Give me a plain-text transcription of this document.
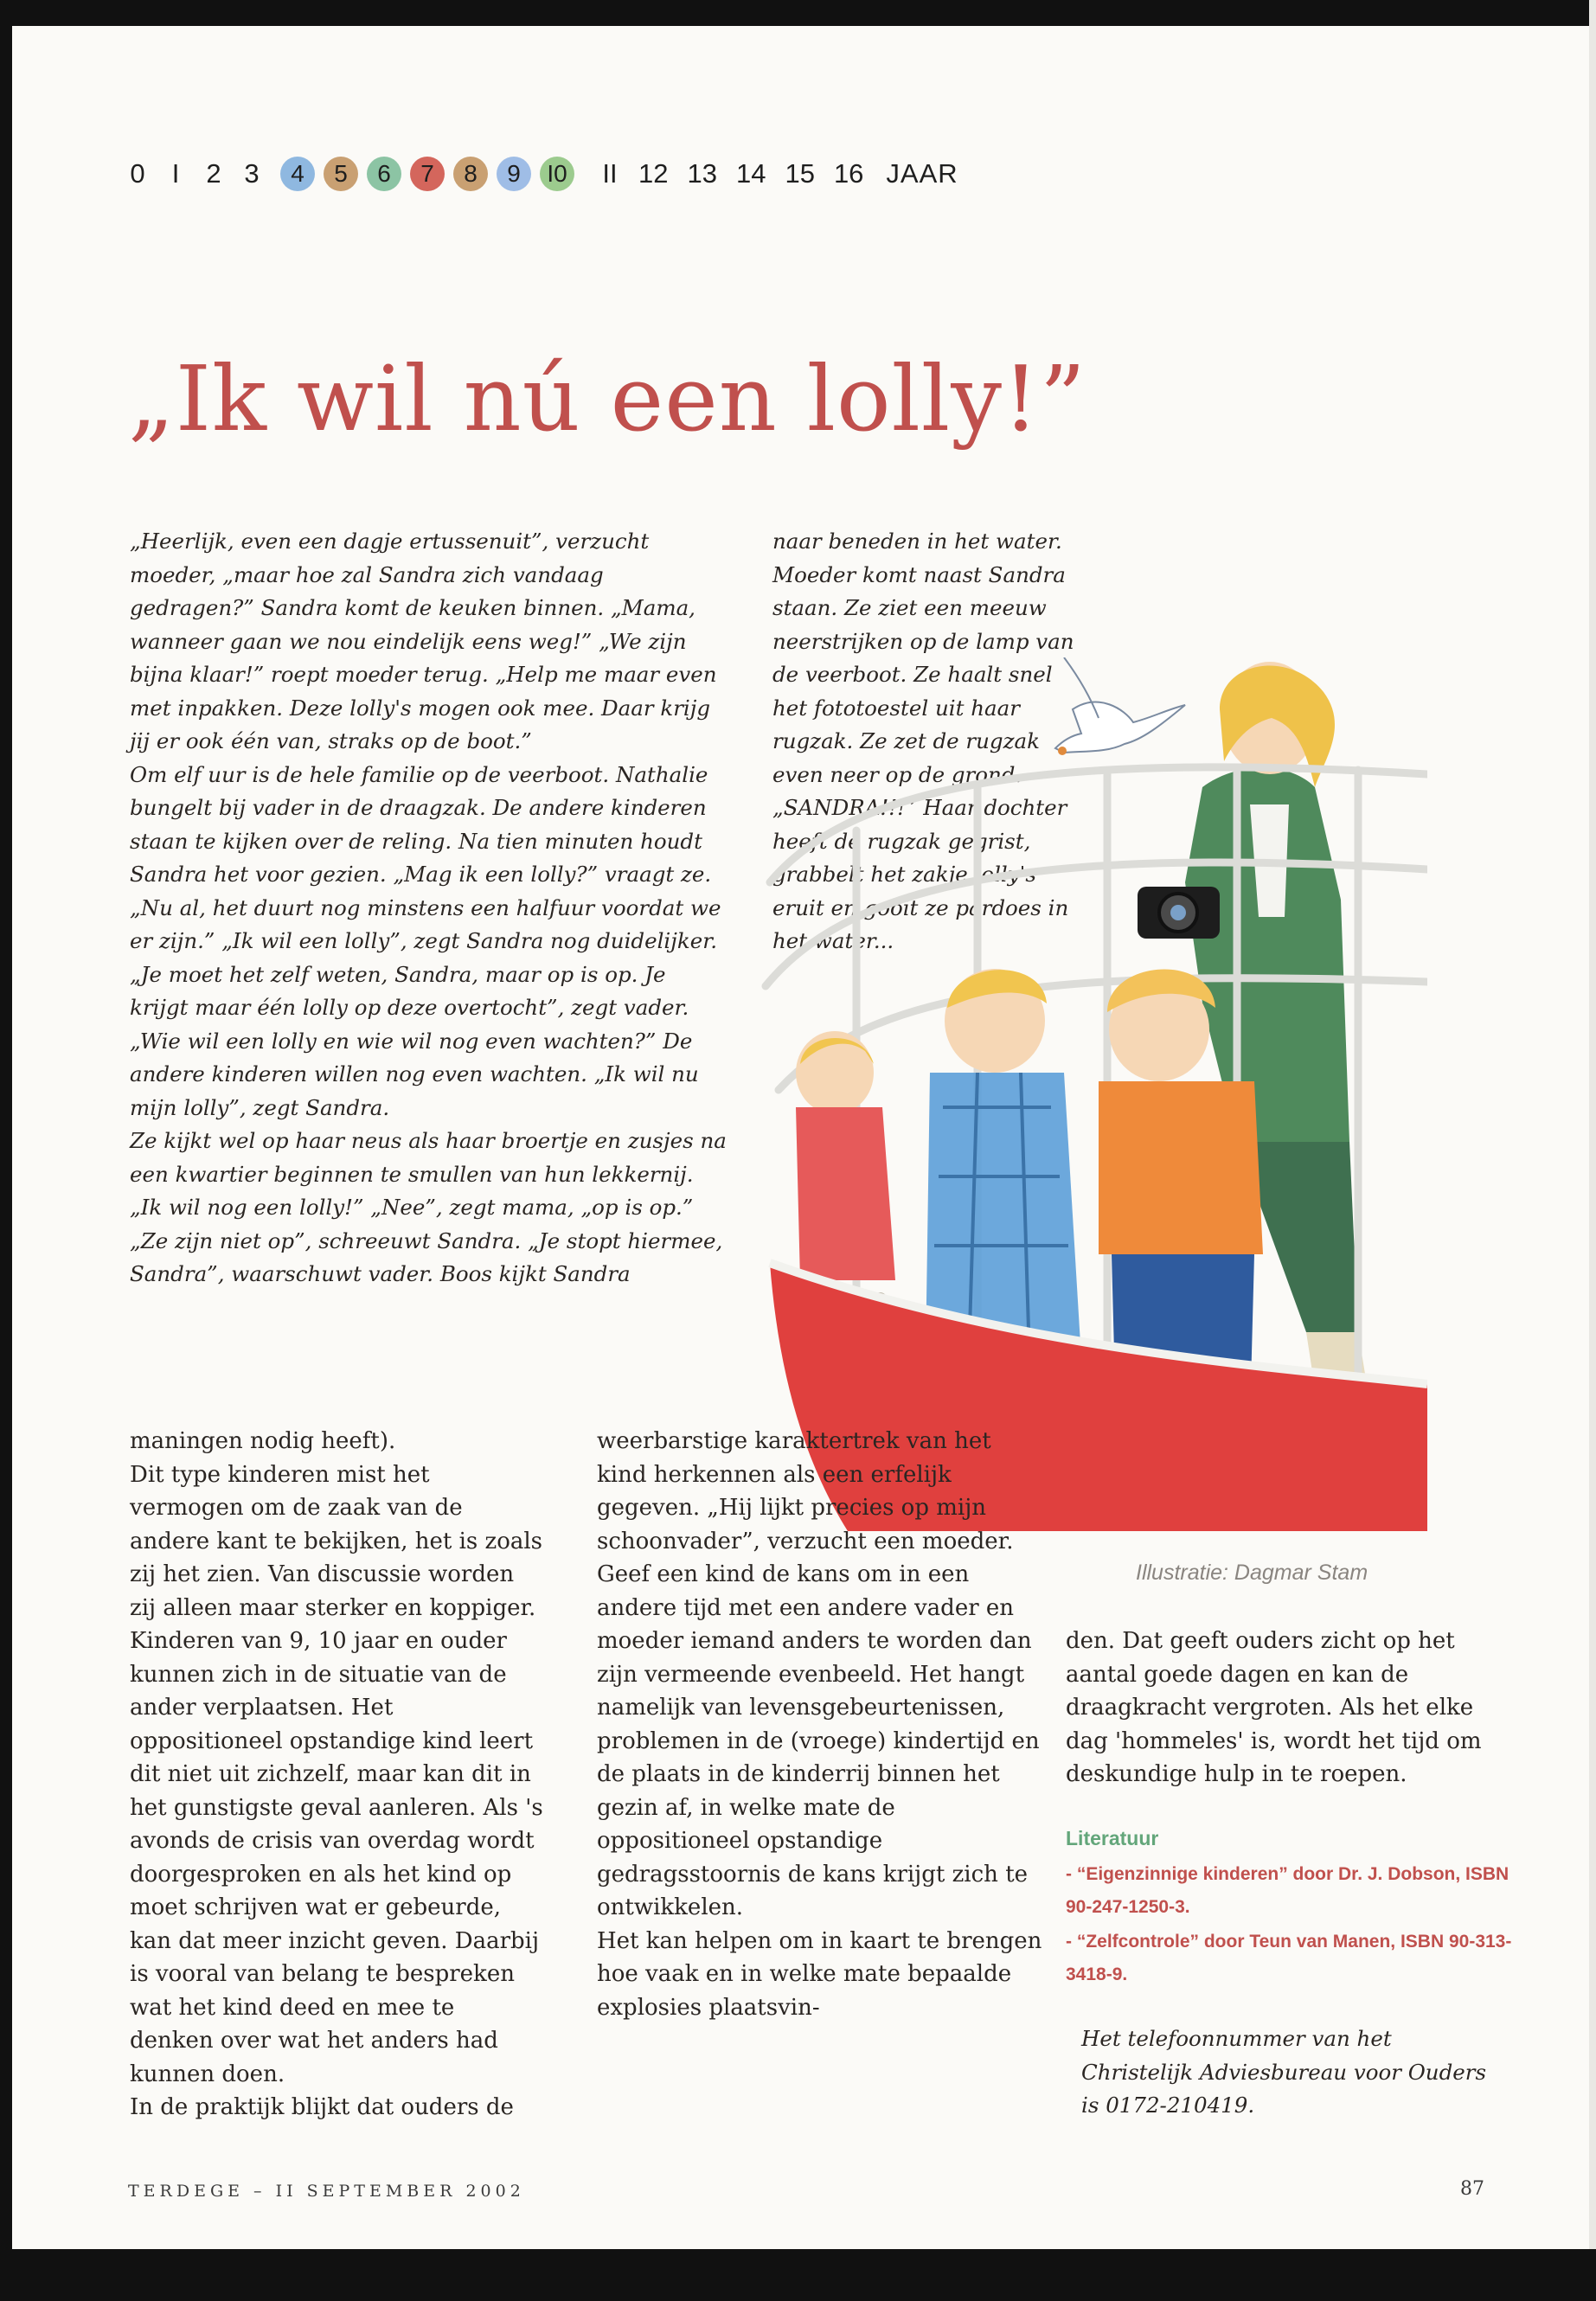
0 I 2 3	4	5	6	7	8	9	I0 II 12 13 14 15 16 JAAR
„Ik wil nú een lolly!”

„Heerlijk, even een dagje ertussenuit”, verzucht moeder, „maar hoe zal Sandra zich vandaag gedragen?” Sandra komt de keuken binnen. „Mama, wanneer gaan we nou eindelijk eens weg!” „We zijn bijna klaar!” roept moeder terug. „Help me maar even met inpakken. Deze lolly's mogen ook mee. Daar krijg jij er ook één van, straks op de boot.”

Om elf uur is de hele familie op de veerboot. Nathalie bungelt bij vader in de draagzak. De andere kinderen staan te kijken over de reling. Na tien minuten houdt Sandra het voor gezien. „Mag ik een lolly?” vraagt ze. „Nu al, het duurt nog minstens een halfuur voordat we er zijn.” „Ik wil een lolly”, zegt Sandra nog duidelijker. „Je moet het zelf weten, Sandra, maar op is op. Je krijgt maar één lolly op deze overtocht”, zegt vader. „Wie wil een lolly en wie wil nog even wachten?” De andere kinderen willen nog even wachten. „Ik wil nu mijn lolly”, zegt Sandra.

Ze kijkt wel op haar neus als haar broertje en zusjes na een kwartier beginnen te smullen van hun lekkernij. „Ik wil nog een lolly!” „Nee”, zegt mama, „op is op.” „Ze zijn niet op”, schreeuwt Sandra. „Je stopt hiermee, Sandra”, waarschuwt vader. Boos kijkt Sandra

naar beneden in het water. Moeder komt naast Sandra staan. Ze ziet een meeuw neerstrijken op de lamp van de veerboot. Ze haalt snel het fototoestel uit haar rugzak. Ze zet de rugzak even neer op de grond. „SANDRA!!!” Haar dochter heeft de rugzak gegrist, grabbelt het zakje lolly's eruit en gooit ze pardoes in het water...

Illustratie: Dagmar Stam

maningen nodig heeft).

Dit type kinderen mist het vermogen om de zaak van de andere kant te bekijken, het is zoals zij het zien. Van discussie worden zij alleen maar sterker en koppiger. Kinderen van 9, 10 jaar en ouder kunnen zich in de situatie van de ander verplaatsen. Het oppositioneel opstandige kind leert dit niet uit zichzelf, maar kan dit in het gunstigste geval aanleren. Als 's avonds de crisis van overdag wordt doorgesproken en als het kind op moet schrijven wat er gebeurde, kan dat meer inzicht geven. Daarbij is vooral van belang te bespreken wat het kind deed en mee te denken over wat het anders had kunnen doen.

In de praktijk blijkt dat ouders de

weerbarstige karaktertrek van het kind herkennen als een erfelijk gegeven. „Hij lijkt precies op mijn schoonvader”, verzucht een moeder. Geef een kind de kans om in een andere tijd met een andere vader en moeder iemand anders te worden dan zijn vermeende evenbeeld. Het hangt namelijk van levensgebeurtenissen, problemen in de (vroege) kindertijd en de plaats in de kinderrij binnen het gezin af, in welke mate de oppositioneel opstandige gedragsstoornis de kans krijgt zich te ontwikkelen.

Het kan helpen om in kaart te brengen hoe vaak en in welke mate bepaalde explosies plaatsvin-

den. Dat geeft ouders zicht op het aantal goede dagen en kan de draagkracht vergroten. Als het elke dag 'hommeles' is, wordt het tijd om deskundige hulp in te roepen.

Literatuur
- “Eigenzinnige kinderen” door Dr. J. Dobson, ISBN 90-247-1250-3.
- “Zelfcontrole” door Teun van Manen, ISBN 90-313-3418-9.
Het telefoonnummer van het Christelijk Adviesbureau voor Ouders is 0172-210419.
TERDEGE – II SEPTEMBER 2002	87
